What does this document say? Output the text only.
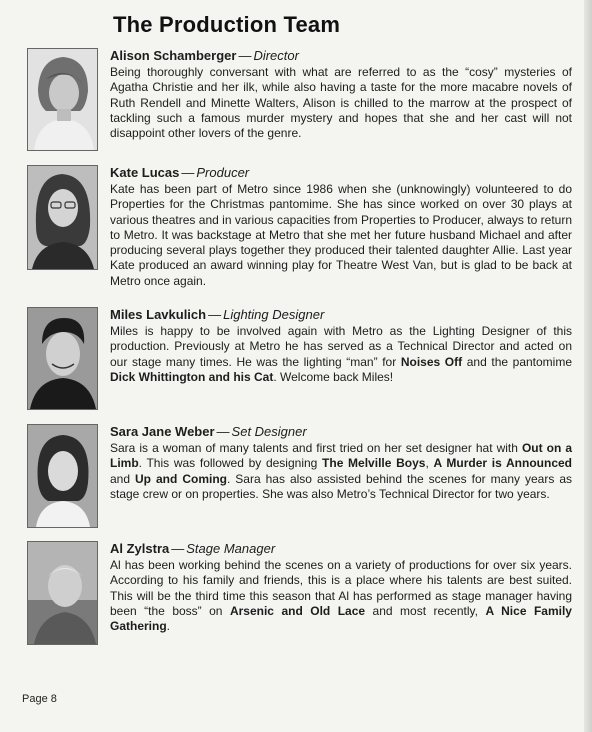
The Production Team
Alison Schamberger — Director
Being thoroughly conversant with what are referred to as the “cosy” mysteries of Agatha Christie and her ilk, while also having a taste for the more macabre novels of Ruth Rendell and Minette Walters, Alison is chilled to the marrow at the prospect of tackling such a famous murder mystery and hopes that she and her cast will not disappoint other lovers of the genre.
Kate Lucas — Producer
Kate has been part of Metro since 1986 when she (unknowingly) volunteered to do Properties for the Christmas pantomime. She has since worked on over 30 plays at various theatres and in various capacities from Properties to Producer, always to return to Metro. It was backstage at Metro that she met her future husband Michael and after producing several plays together they produced their talented daughter Allie. Last year Kate produced an award winning play for Theatre West Van, but is glad to be back at Metro once again.
Miles Lavkulich — Lighting Designer
Miles is happy to be involved again with Metro as the Lighting Designer of this production. Previously at Metro he has served as a Technical Director and acted on our stage many times. He was the lighting “man” for Noises Off and the pantomime Dick Whittington and his Cat. Welcome back Miles!
Sara Jane Weber — Set Designer
Sara is a woman of many talents and first tried on her set designer hat with Out on a Limb. This was followed by designing The Melville Boys, A Murder is Announced and Up and Coming. Sara has also assisted behind the scenes for many years as stage crew or on properties. She was also Metro’s Technical Director for two years.
Al Zylstra — Stage Manager
Al has been working behind the scenes on a variety of productions for over six years. According to his family and friends, this is a place where his talents are best suited. This will be the third time this season that Al has performed as stage manager having been “the boss” on Arsenic and Old Lace and most recently, A Nice Family Gathering.
Page 8
